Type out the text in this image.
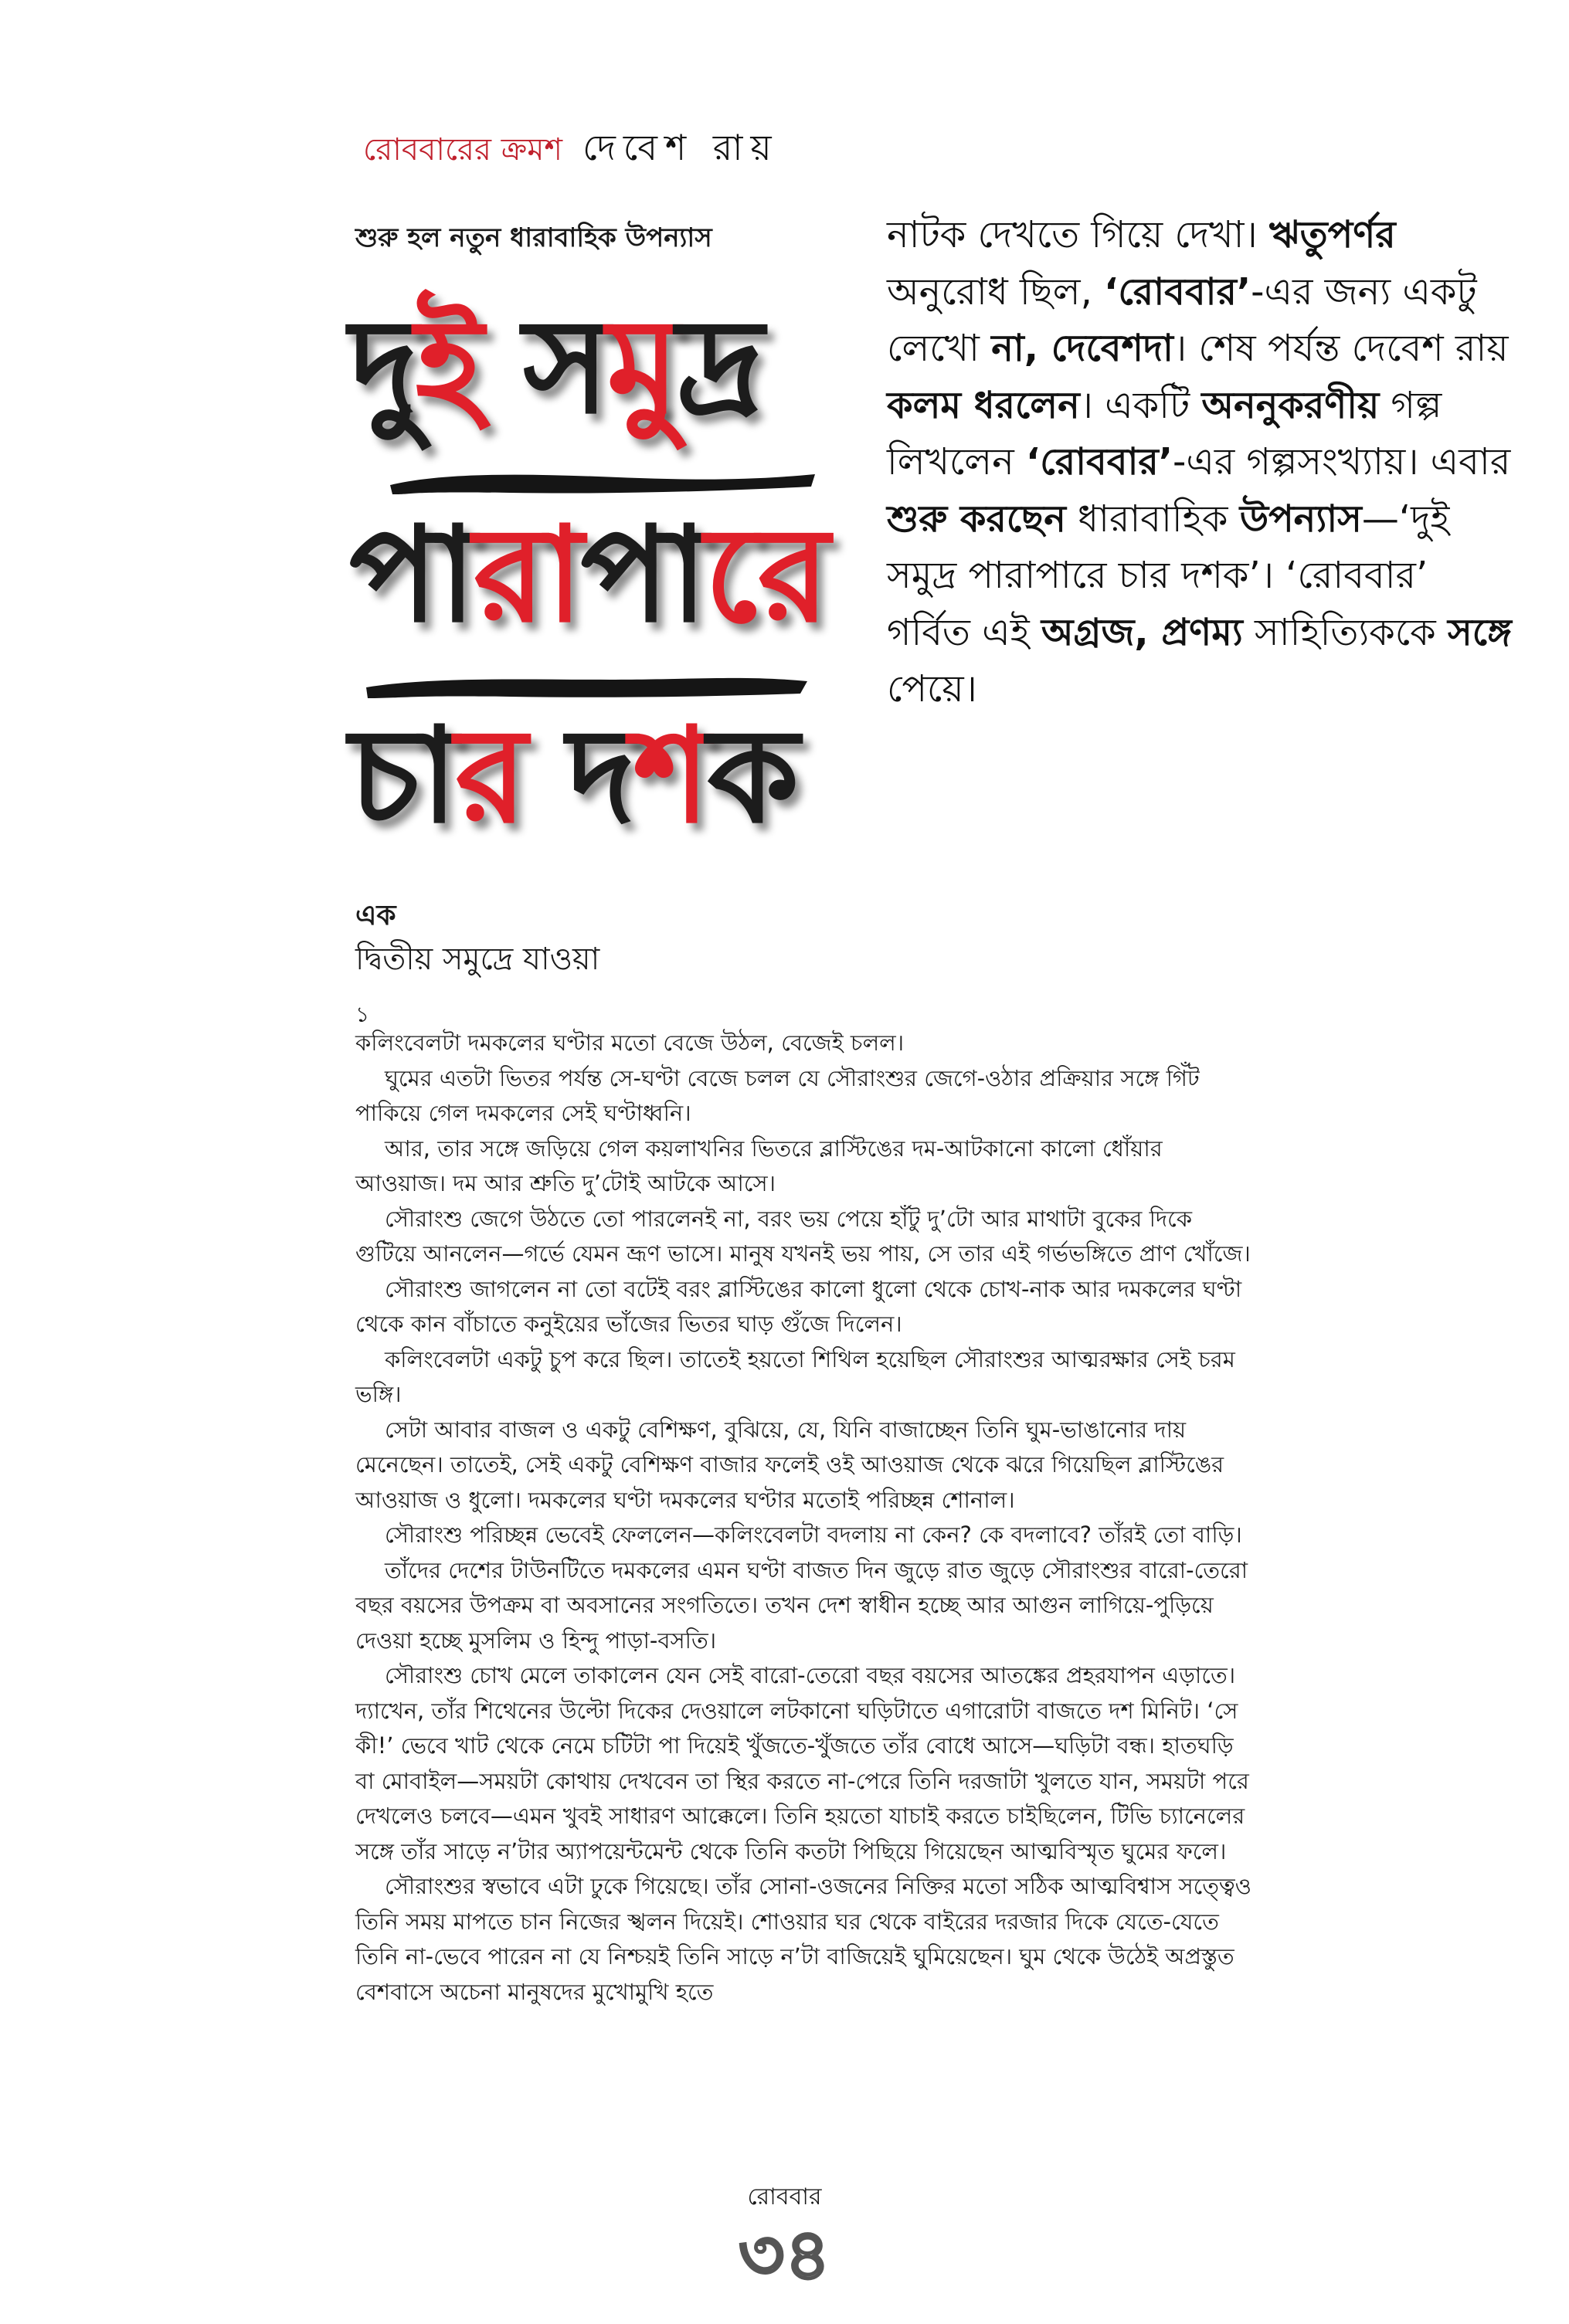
রোববারের ক্রমশ দেবেশ রায়
শুরু হল নতুন ধারাবাহিক উপন্যাস
দুই সমুদ্র
পারাপারে
চার দশক
নাটক দেখতে গিয়ে দেখা। ঋতুপর্ণর অনুরোধ ছিল, ‘রোববার’-এর জন্য একটু লেখো না, দেবেশদা। শেষ পর্যন্ত দেবেশ রায় কলম ধরলেন। একটি অননুকরণীয় গল্প লিখলেন ‘রোববার’-এর গল্পসংখ্যায়। এবার শুরু করছেন ধারাবাহিক উপন্যাস—‘দুই সমুদ্র পারাপারে চার দশক’। ‘রোববার’ গর্বিত এই অগ্রজ, প্রণম্য সাহিত্যিককে সঙ্গে পেয়ে।
এক
দ্বিতীয় সমুদ্রে যাওয়া
১

কলিংবেলটা দমকলের ঘণ্টার মতো বেজে উঠল, বেজেই চলল।

ঘুমের এতটা ভিতর পর্যন্ত সে-ঘণ্টা বেজে চলল যে সৌরাংশুর জেগে-ওঠার প্রক্রিয়ার সঙ্গে গিঁট পাকিয়ে গেল দমকলের সেই ঘণ্টাধ্বনি।

আর, তার সঙ্গে জড়িয়ে গেল কয়লাখনির ভিতরে ব্লাস্টিঙের দম-আটকানো কালো ধোঁয়ার আওয়াজ। দম আর শ্রুতি দু’টোই আটকে আসে।

সৌরাংশু জেগে উঠতে তো পারলেনই না, বরং ভয় পেয়ে হাঁটু দু’টো আর মাথাটা বুকের দিকে গুটিয়ে আনলেন—গর্ভে যেমন ভ্রূণ ভাসে। মানুষ যখনই ভয় পায়, সে তার এই গর্ভভঙ্গিতে প্রাণ খোঁজে।

সৌরাংশু জাগলেন না তো বটেই বরং ব্লাস্টিঙের কালো ধুলো থেকে চোখ-নাক আর দমকলের ঘণ্টা থেকে কান বাঁচাতে কনুইয়ের ভাঁজের ভিতর ঘাড় গুঁজে দিলেন।

কলিংবেলটা একটু চুপ করে ছিল। তাতেই হয়তো শিথিল হয়েছিল সৌরাংশুর আত্মরক্ষার সেই চরম ভঙ্গি।

সেটা আবার বাজল ও একটু বেশিক্ষণ, বুঝিয়ে, যে, যিনি বাজাচ্ছেন তিনি ঘুম-ভাঙানোর দায় মেনেছেন। তাতেই, সেই একটু বেশিক্ষণ বাজার ফলেই ওই আওয়াজ থেকে ঝরে গিয়েছিল ব্লাস্টিঙের আওয়াজ ও ধুলো। দমকলের ঘণ্টা দমকলের ঘণ্টার মতোই পরিচ্ছন্ন শোনাল।

সৌরাংশু পরিচ্ছন্ন ভেবেই ফেললেন—কলিংবেলটা বদলায় না কেন? কে বদলাবে? তাঁরই তো বাড়ি।

তাঁদের দেশের টাউনটিতে দমকলের এমন ঘণ্টা বাজত দিন জুড়ে রাত জুড়ে সৌরাংশুর বারো-তেরো বছর বয়সের উপক্রম বা অবসানের সংগতিতে। তখন দেশ স্বাধীন হচ্ছে আর আগুন লাগিয়ে-পুড়িয়ে দেওয়া হচ্ছে মুসলিম ও হিন্দু পাড়া-বসতি।

সৌরাংশু চোখ মেলে তাকালেন যেন সেই বারো-তেরো বছর বয়সের আতঙ্কের প্রহরযাপন এড়াতে। দ্যাখেন, তাঁর শিথেনের উল্টো দিকের দেওয়ালে লটকানো ঘড়িটাতে এগারোটা বাজতে দশ মিনিট। ‘সে কী!’ ভেবে খাট থেকে নেমে চটিটা পা দিয়েই খুঁজতে-খুঁজতে তাঁর বোধে আসে—ঘড়িটা বন্ধ। হাতঘড়ি বা মোবাইল—সময়টা কোথায় দেখবেন তা স্থির করতে না-পেরে তিনি দরজাটা খুলতে যান, সময়টা পরে দেখলেও চলবে—এমন খুবই সাধারণ আক্কেলে। তিনি হয়তো যাচাই করতে চাইছিলেন, টিভি চ্যানেলের সঙ্গে তাঁর সাড়ে ন’টার অ্যাপয়েন্টমেন্ট থেকে তিনি কতটা পিছিয়ে গিয়েছেন আত্মবিস্মৃত ঘুমের ফলে।

সৌরাংশুর স্বভাবে এটা ঢুকে গিয়েছে। তাঁর সোনা-ওজনের নিক্তির মতো সঠিক আত্মবিশ্বাস সত্ত্বেও তিনি সময় মাপতে চান নিজের স্খলন দিয়েই। শোওয়ার ঘর থেকে বাইরের দরজার দিকে যেতে-যেতে তিনি না-ভেবে পারেন না যে নিশ্চয়ই তিনি সাড়ে ন’টা বাজিয়েই ঘুমিয়েছেন। ঘুম থেকে উঠেই অপ্রস্তুত বেশবাসে অচেনা মানুষদের মুখোমুখি হতে

রোববার
৩৪
